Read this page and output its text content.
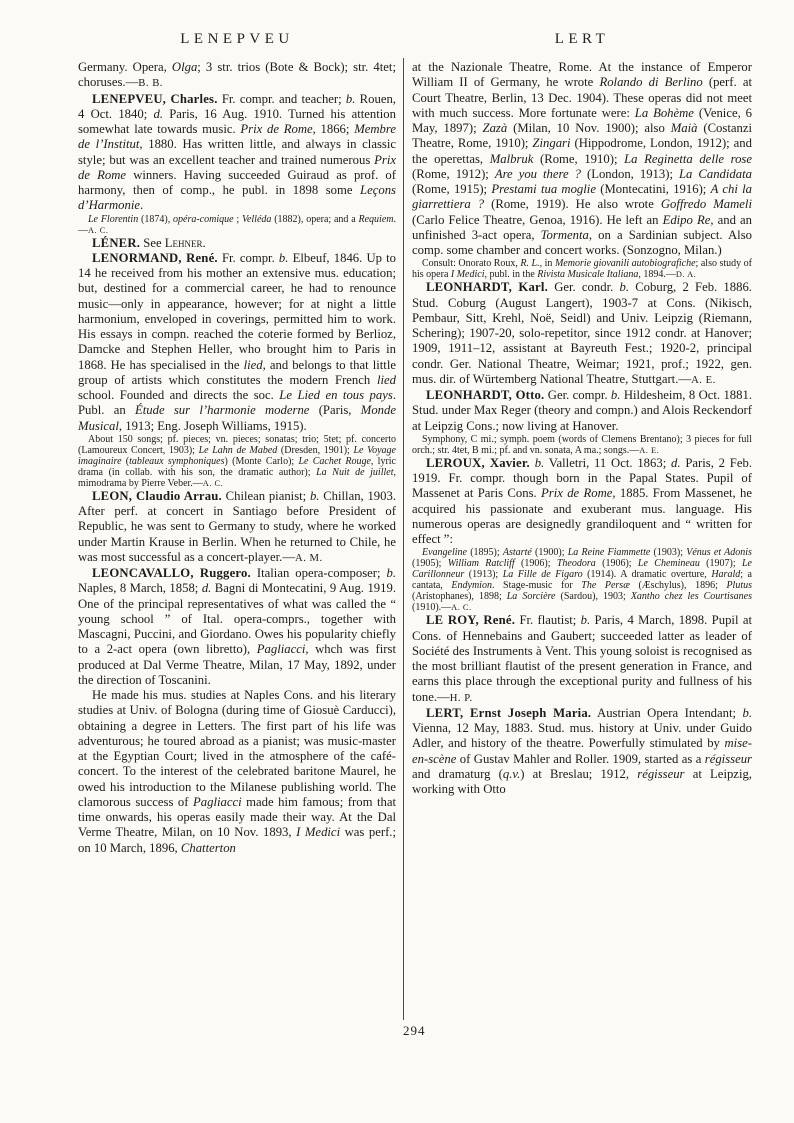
LENEPVEU	LERT

Germany. Opera, Olga; 3 str. trios (Bote & Bock); str. 4tet; choruses.—B. B.

LENEPVEU, Charles. Fr. compr. and teacher; b. Rouen, 4 Oct. 1840; d. Paris, 16 Aug. 1910. Turned his attention somewhat late towards music. Prix de Rome, 1866; Membre de l’Institut, 1880. Has written little, and always in classic style; but was an excellent teacher and trained numerous Prix de Rome winners. Having succeeded Guiraud as prof. of harmony, then of comp., he publ. in 1898 some Leçons d’Harmonie.

Le Florentin (1874), opéra-comique ; Velléda (1882), opera; and a Requiem.—A. C.

LÉNER. See Lehner.

LENORMAND, René. Fr. compr. b. Elbeuf, 1846. Up to 14 he received from his mother an extensive mus. education; but, destined for a commercial career, he had to renounce music—only in appearance, however; for at night a little harmonium, enveloped in coverings, permitted him to work. His essays in compn. reached the coterie formed by Berlioz, Damcke and Stephen Heller, who brought him to Paris in 1868. He has specialised in the lied, and belongs to that little group of artists which constitutes the modern French lied school. Founded and directs the soc. Le Lied en tous pays. Publ. an Étude sur l’harmonie moderne (Paris, Monde Musical, 1913; Eng. Joseph Williams, 1915).

About 150 songs; pf. pieces; vn. pieces; sonatas; trio; 5tet; pf. concerto (Lamoureux Concert, 1903); Le Lahn de Mabed (Dresden, 1901); Le Voyage imaginaire (tableaux symphoniques) (Monte Carlo); Le Cachet Rouge, lyric drama (in collab. with his son, the dramatic author); La Nuit de juillet, mimodrama by Pierre Veber.—A. C.

LEON, Claudio Arrau. Chilean pianist; b. Chillan, 1903. After perf. at concert in Santiago before President of Republic, he was sent to Germany to study, where he worked under Martin Krause in Berlin. When he returned to Chile, he was most successful as a concert-player.—A. M.

LEONCAVALLO, Ruggero. Italian opera-composer; b. Naples, 8 March, 1858; d. Bagni di Montecatini, 9 Aug. 1919. One of the principal representatives of what was called the “ young school ” of Ital. opera-comprs., together with Mascagni, Puccini, and Giordano. Owes his popularity chiefly to a 2-act opera (own libretto), Pagliacci, whch was first produced at Dal Verme Theatre, Milan, 17 May, 1892, under the direction of Toscanini.

He made his mus. studies at Naples Cons. and his literary studies at Univ. of Bologna (during time of Giosuè Carducci), obtaining a degree in Letters. The first part of his life was adventurous; he toured abroad as a pianist; was music-master at the Egyptian Court; lived in the atmosphere of the café-concert. To the interest of the celebrated baritone Maurel, he owed his introduction to the Milanese publishing world. The clamorous success of Pagliacci made him famous; from that time onwards, his operas easily made their way. At the Dal Verme Theatre, Milan, on 10 Nov. 1893, I Medici was perf.; on 10 March, 1896, Chatterton

at the Nazionale Theatre, Rome. At the instance of Emperor William II of Germany, he wrote Rolando di Berlino (perf. at Court Theatre, Berlin, 13 Dec. 1904). These operas did not meet with much success. More fortunate were: La Bohème (Venice, 6 May, 1897); Zazà (Milan, 10 Nov. 1900); also Maià (Costanzi Theatre, Rome, 1910); Zingari (Hippodrome, London, 1912); and the operettas, Malbruk (Rome, 1910); La Reginetta delle rose (Rome, 1912); Are you there ? (London, 1913); La Candidata (Rome, 1915); Prestami tua moglie (Montecatini, 1916); A chi la giarrettiera ? (Rome, 1919). He also wrote Goffredo Mameli (Carlo Felice Theatre, Genoa, 1916). He left an Edipo Re, and an unfinished 3-act opera, Tormenta, on a Sardinian subject. Also comp. some chamber and concert works. (Sonzogno, Milan.)

Consult: Onorato Roux, R. L., in Memorie giovanili autobiografiche; also study of his opera I Medici, publ. in the Rivista Musicale Italiana, 1894.—D. A.

LEONHARDT, Karl. Ger. condr. b. Coburg, 2 Feb. 1886. Stud. Coburg (August Langert), 1903-7 at Cons. (Nikisch, Pembaur, Sitt, Krehl, Noë, Seidl) and Univ. Leipzig (Riemann, Schering); 1907-20, solo-repetitor, since 1912 condr. at Hanover; 1909, 1911–12, assistant at Bayreuth Fest.; 1920-2, principal condr. Ger. National Theatre, Weimar; 1921, prof.; 1922, gen. mus. dir. of Würtemberg National Theatre, Stuttgart.—A. E.

LEONHARDT, Otto. Ger. compr. b. Hildesheim, 8 Oct. 1881. Stud. under Max Reger (theory and compn.) and Alois Reckendorf at Leipzig Cons.; now living at Hanover.

Symphony, C mi.; symph. poem (words of Clemens Brentano); 3 pieces for full orch.; str. 4tet, B mi.; pf. and vn. sonata, A ma.; songs.—A. E.

LEROUX, Xavier. b. Valletri, 11 Oct. 1863; d. Paris, 2 Feb. 1919. Fr. compr. though born in the Papal States. Pupil of Massenet at Paris Cons. Prix de Rome, 1885. From Massenet, he acquired his passionate and exuberant mus. language. His numerous operas are designedly grandiloquent and “ written for effect ”:

Evangeline (1895); Astarté (1900); La Reine Fiammette (1903); Vénus et Adonis (1905); William Ratcliff (1906); Theodora (1906); Le Chemineau (1907); Le Carillonneur (1913); La Fille de Figaro (1914). A dramatic overture, Harald; a cantata, Endymion. Stage-music for The Persæ (Æschylus), 1896; Plutus (Aristophanes), 1898; La Sorcière (Sardou), 1903; Xantho chez les Courtisanes (1910).—A. C.

LE ROY, René. Fr. flautist; b. Paris, 4 March, 1898. Pupil at Cons. of Hennebains and Gaubert; succeeded latter as leader of Société des Instruments à Vent. This young soloist is recognised as the most brilliant flautist of the present generation in France, and earns this place through the exceptional purity and fullness of his tone.—H. P.

LERT, Ernst Joseph Maria. Austrian Opera Intendant; b. Vienna, 12 May, 1883. Stud. mus. history at Univ. under Guido Adler, and history of the theatre. Powerfully stimulated by mise-en-scène of Gustav Mahler and Roller. 1909, started as a régisseur and dramaturg (q.v.) at Breslau; 1912, régisseur at Leipzig, working with Otto

294
